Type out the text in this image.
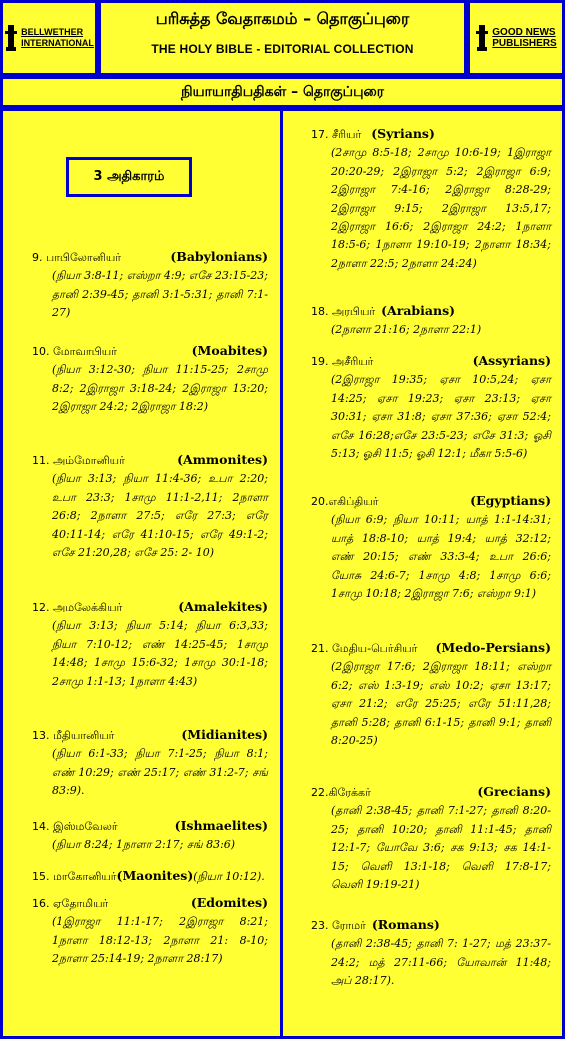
BELLWETHER
INTERNATIONAL
பரிசுத்த வேதாகமம் – தொகுப்புரை
THE HOLY BIBLE - EDITORIAL COLLECTION
GOOD NEWS
PUBLISHERS
நியாயாதிபதிகள் – தொகுப்புரை
3 அதிகாரம்
9. பாபிலோனியர்	(Babylonians)
(நியா 3:8-11; எஸ்றா 4:9; எசே 23:15-23; தானி 2:39-45; தானி 3:1-5:31; தானி 7:1-27)
10. மோவாபியர்	(Moabites)
(நியா 3:12-30; நியா 11:15-25; 2சாமு 8:2; 2இராஜா 3:18-24; 2இராஜா 13:20; 2இராஜா 24:2; 2இராஜா 18:2)
11. அம்மோனியர்	(Ammonites)
(நியா 3:13; நியா 11:4-36; உபா 2:20; உபா 23:3; 1சாமு 11:1-2,11; 2நாளா 26:8; 2நாளா 27:5; எரே 27:3; எரே 40:11-14; எரே 41:10-15; எரே 49:1-2; எசே 21:20,28; எசே 25: 2- 10)
12. அமலேக்கியர்	(Amalekites)
(நியா 3:13; நியா 5:14; நியா 6:3,33; நியா 7:10-12; எண் 14:25-45; 1சாமு 14:48; 1சாமு 15:6-32; 1சாமு 30:1-18; 2சாமு 1:1-13; 1நாளா 4:43)
13. மீதியானியர்	(Midianites)
(நியா 6:1-33; நியா 7:1-25; நியா 8:1; எண் 10:29; எண் 25:17; எண் 31:2-7; சங் 83:9).
14. இஸ்மவேலர்	(Ishmaelites)
(நியா 8:24; 1நாளா 2:17; சங் 83:6)
15. மாகோனியர் (Maonites) (நியா 10:12).
16. ஏதோமியர்	(Edomites)
(1இராஜா 11:1-17; 2இராஜா 8:21; 1நாளா 18:12-13; 2நாளா 21: 8-10; 2நாளா 25:14-19; 2நாளா 28:17)
17. சீரியர் (Syrians)
(2சாமு 8:5-18; 2சாமு 10:6-19; 1இராஜா 20:20-29; 2இராஜா 5:2; 2இராஜா 6:9; 2இராஜா 7:4-16; 2இராஜா 8:28-29; 2இராஜா 9:15; 2இராஜா 13:5,17; 2இராஜா 16:6; 2இராஜா 24:2; 1நாளா 18:5-6; 1நாளா 19:10-19; 2நாளா 18:34; 2நாளா 22:5; 2நாளா 24:24)
18. அரபியர் (Arabians)
(2நாளா 21:16; 2நாளா 22:1)
19. அசீரியர்	(Assyrians)
(2இராஜா 19:35; ஏசா 10:5,24; ஏசா 14:25; ஏசா 19:23; ஏசா 23:13; ஏசா 30:31; ஏசா 31:8; ஏசா 37:36; ஏசா 52:4; எசே 16:28;எசே 23:5-23; எசே 31:3; ஓசி 5:13; ஓசி 11:5; ஓசி 12:1; மீகா 5:5-6)
20.எகிப்தியர்	(Egyptians)
(நியா 6:9; நியா 10:11; யாத் 1:1-14:31; யாத் 18:8-10; யாத் 19:4; யாத் 32:12; எண் 20:15; எண் 33:3-4; உபா 26:6; யோசு 24:6-7; 1சாமு 4:8; 1சாமு 6:6; 1சாமு 10:18; 2இராஜா 7:6; எஸ்றா 9:1)
21. மேதிய-பெர்சியர் (Medo-Persians)
(2இராஜா 17:6; 2இராஜா 18:11; எஸ்றா 6:2; எஸ் 1:3-19; எஸ் 10:2; ஏசா 13:17; ஏசா 21:2; எரே 25:25; எரே 51:11,28; தானி 5:28; தானி 6:1-15; தானி 9:1; தானி 8:20-25)
22.கிரேக்கர்	(Grecians)
(தானி 2:38-45; தானி 7:1-27; தானி 8:20-25; தானி 10:20; தானி 11:1-45; தானி 12:1-7; யோவே 3:6; சக 9:13; சக 14:1-15; வெளி 13:1-18; வெளி 17:8-17; வெளி 19:19-21)
23. ரோமர் (Romans)
(தானி 2:38-45; தானி 7: 1-27; மத் 23:37-24:2; மத் 27:11-66; யோவான் 11:48; அப் 28:17).
